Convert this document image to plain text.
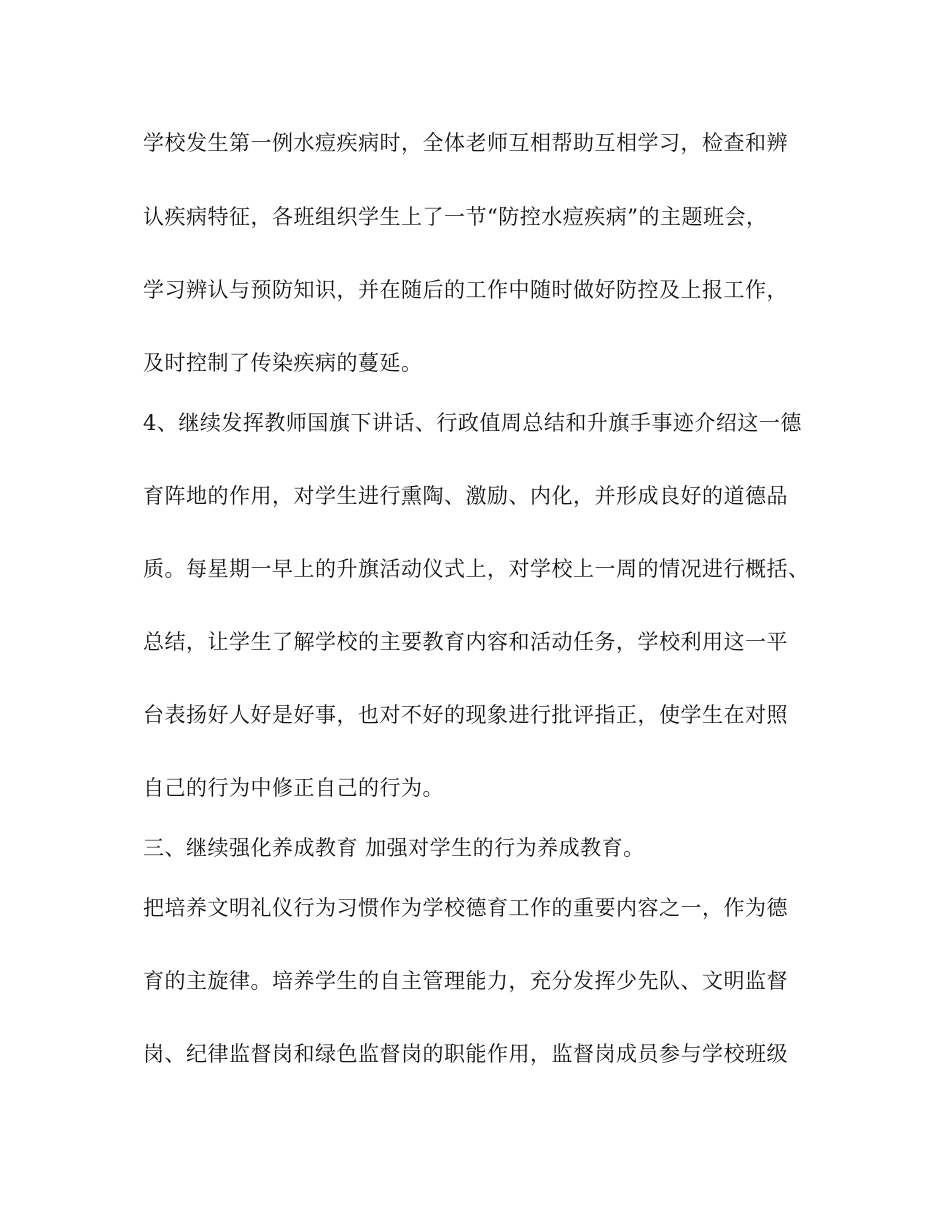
学校发生第一例水痘疾病时，全体老师互相帮助互相学习，检查和辨
认疾病特征，各班组织学生上了一节“防控水痘疾病”的主题班会，
学习辨认与预防知识，并在随后的工作中随时做好防控及上报工作，
及时控制了传染疾病的蔓延。
4、继续发挥教师国旗下讲话、行政值周总结和升旗手事迹介绍这一德
育阵地的作用，对学生进行熏陶、激励、内化，并形成良好的道德品
质。每星期一早上的升旗活动仪式上，对学校上一周的情况进行概括、
总结，让学生了解学校的主要教育内容和活动任务，学校利用这一平
台表扬好人好是好事，也对不好的现象进行批评指正，使学生在对照
自己的行为中修正自己的行为。
三、继续强化养成教育 加强对学生的行为养成教育。
把培养文明礼仪行为习惯作为学校德育工作的重要内容之一，作为德
育的主旋律。培养学生的自主管理能力，充分发挥少先队、文明监督
岗、纪律监督岗和绿色监督岗的职能作用，监督岗成员参与学校班级
